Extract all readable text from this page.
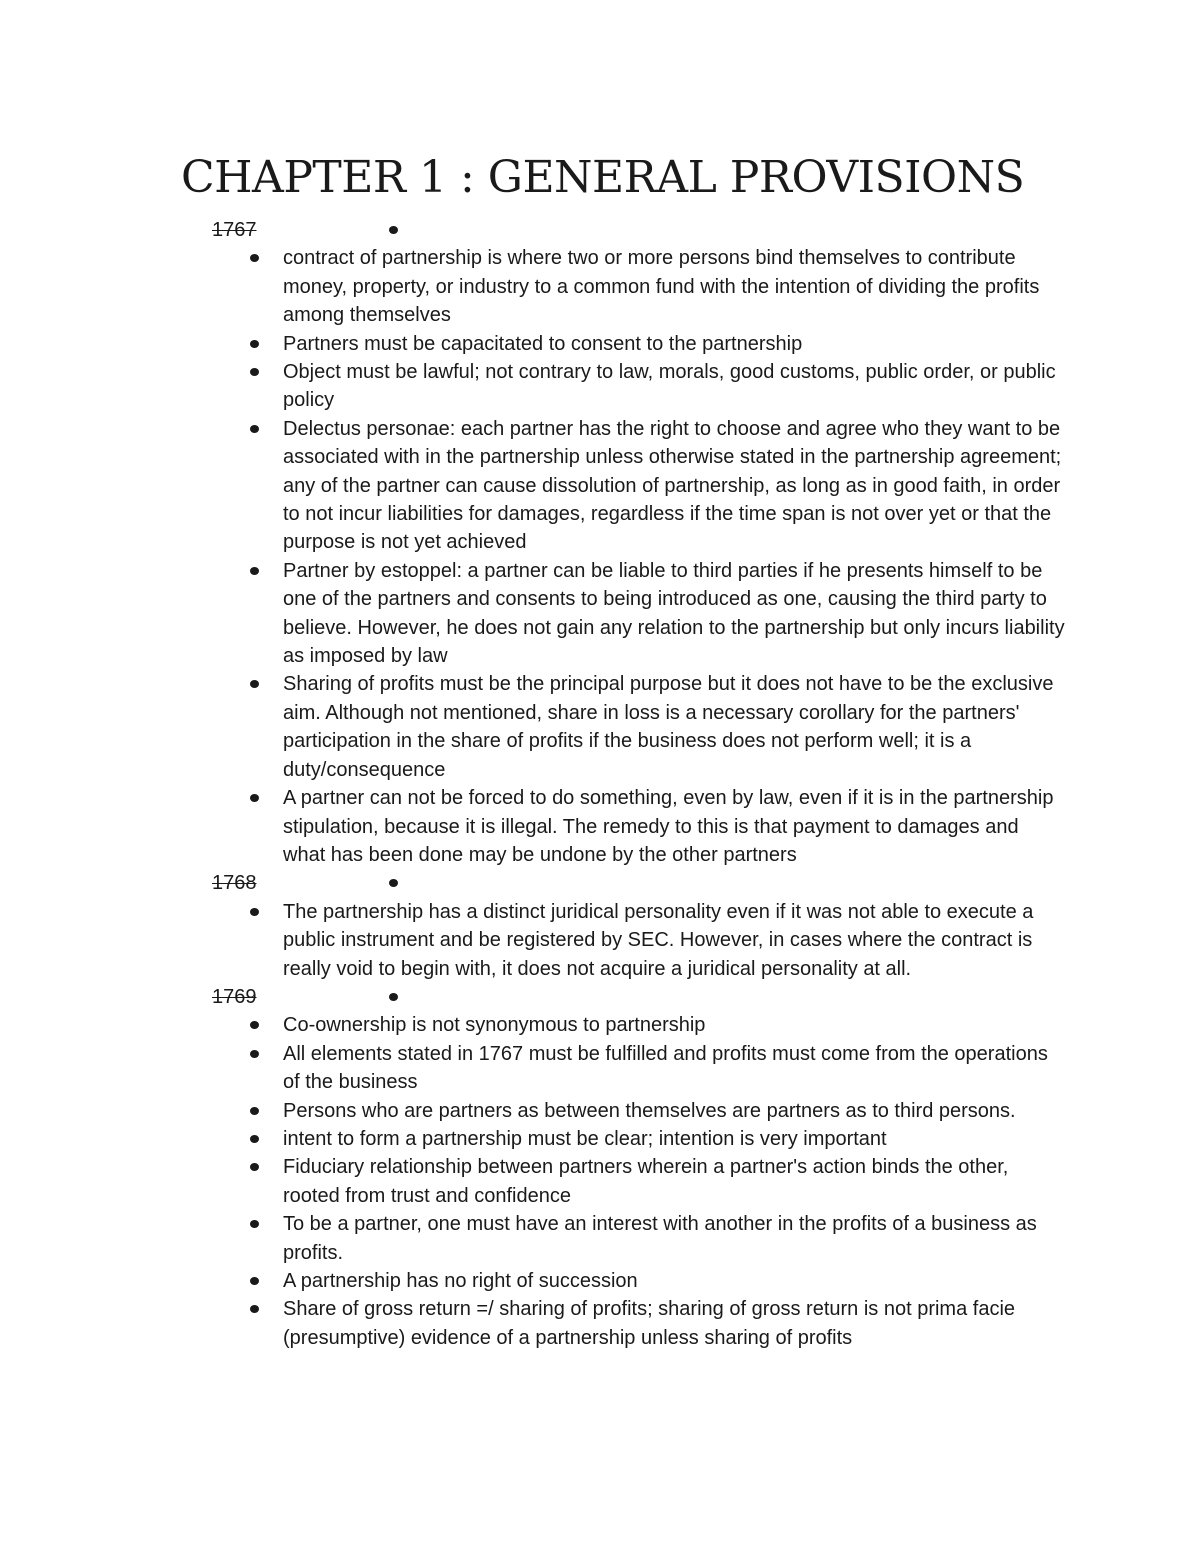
CHAPTER 1 : GENERAL PROVISIONS
1767
contract of partnership is where two or more persons bind themselves to contribute money, property, or industry to a common fund with the intention of dividing the profits among themselves
Partners must be capacitated to consent to the partnership
Object must be lawful; not contrary to law, morals, good customs, public order, or public policy
Delectus personae: each partner has the right to choose and agree who they want to be associated with in the partnership unless otherwise stated in the partnership agreement; any of the partner can cause dissolution of partnership, as long as in good faith, in order to not incur liabilities for damages, regardless if the time span is not over yet or that the purpose is not yet achieved
Partner by estoppel: a partner can be liable to third parties if he presents himself to be one of the partners and consents to being introduced as one, causing the third party to believe. However, he does not gain any relation to the partnership but only incurs liability as imposed by law
Sharing of profits must be the principal purpose but it does not have to be the exclusive aim. Although not mentioned, share in loss is a necessary corollary for the partners' participation in the share of profits if the business does not perform well; it is a duty/consequence
A partner can not be forced to do something, even by law, even if it is in the partnership stipulation, because it is illegal. The remedy to this is that payment to damages and what has been done may be undone by the other partners
1768
The partnership has a distinct juridical personality even if it was not able to execute a public instrument and be registered by SEC. However, in cases where the contract is really void to begin with, it does not acquire a juridical personality at all.
1769
Co-ownership is not synonymous to partnership
All elements stated in 1767 must be fulfilled and profits must come from the operations of the business
Persons who are partners as between themselves are partners as to third persons.
intent to form a partnership must be clear; intention is very important
Fiduciary relationship between partners wherein a partner's action binds the other, rooted from trust and confidence
To be a partner, one must have an interest with another in the profits of a business as profits.
A partnership has no right of succession
Share of gross return =/ sharing of profits; sharing of gross return is not prima facie (presumptive) evidence of a partnership unless sharing of profits
